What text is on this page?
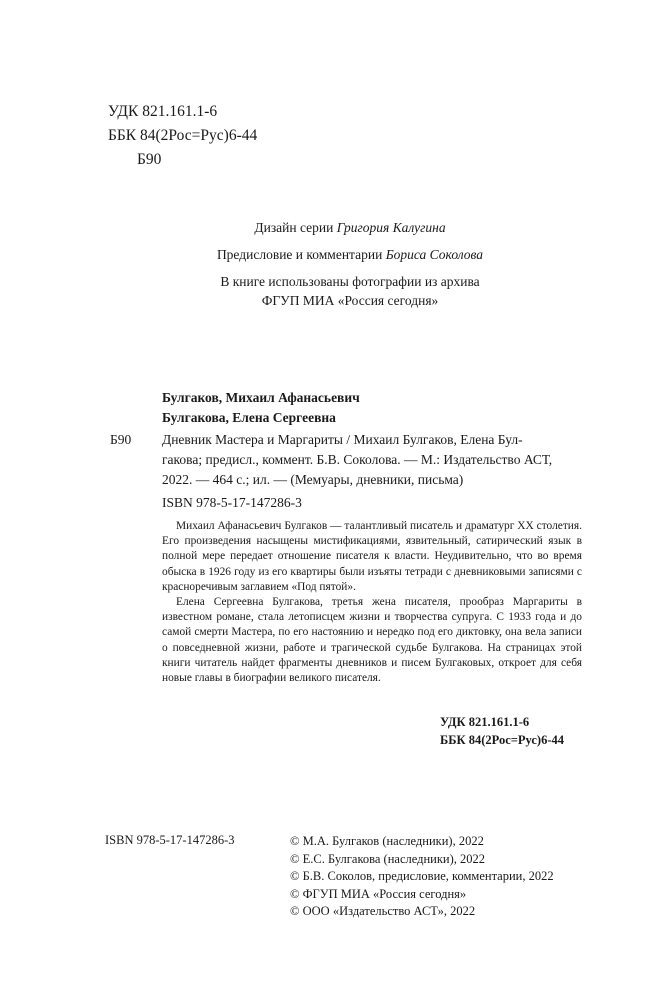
УДК 821.161.1-6
ББК 84(2Рос=Рус)6-44
Б90
Дизайн серии Григория Калугина
Предисловие и комментарии Бориса Соколова
В книге использованы фотографии из архива
ФГУП МИА «Россия сегодня»
Булгаков, Михаил Афанасьевич
Булгакова, Елена Сергеевна
Б90 Дневник Мастера и Маргариты / Михаил Булгаков, Елена Бул-
гакова; предисл., коммент. Б.В. Соколова. — М.: Издательство АСТ,
2022. — 464 с.; ил. — (Мемуары, дневники, письма)
ISBN 978-5-17-147286-3

Михаил Афанасьевич Булгаков — талантливый писатель и драматург XX столетия. Его произведения насыщены мистификациями, язвительный, сатирический язык в полной мере передает отношение писателя к власти. Неудивительно, что во время обыска в 1926 году из его квартиры были изъяты тетради с дневниковыми записями с красноречивым заглавием «Под пятой».

Елена Сергеевна Булгакова, третья жена писателя, прообраз Маргариты в известном романе, стала летописцем жизни и творчества супруга. С 1933 года и до самой смерти Мастера, по его настоянию и нередко под его диктовку, она вела записи о повседневной жизни, работе и трагической судьбе Булгакова. На страницах этой книги читатель найдет фрагменты дневников и писем Булгаковых, откроет для себя новые главы в биографии великого писателя.

УДК 821.161.1-6
ББК 84(2Рос=Рус)6-44
ISBN 978-5-17-147286-3	© М.А. Булгаков (наследники), 2022
© Е.С. Булгакова (наследники), 2022
© Б.В. Соколов, предисловие, комментарии, 2022
© ФГУП МИА «Россия сегодня»
© ООО «Издательство АСТ», 2022
